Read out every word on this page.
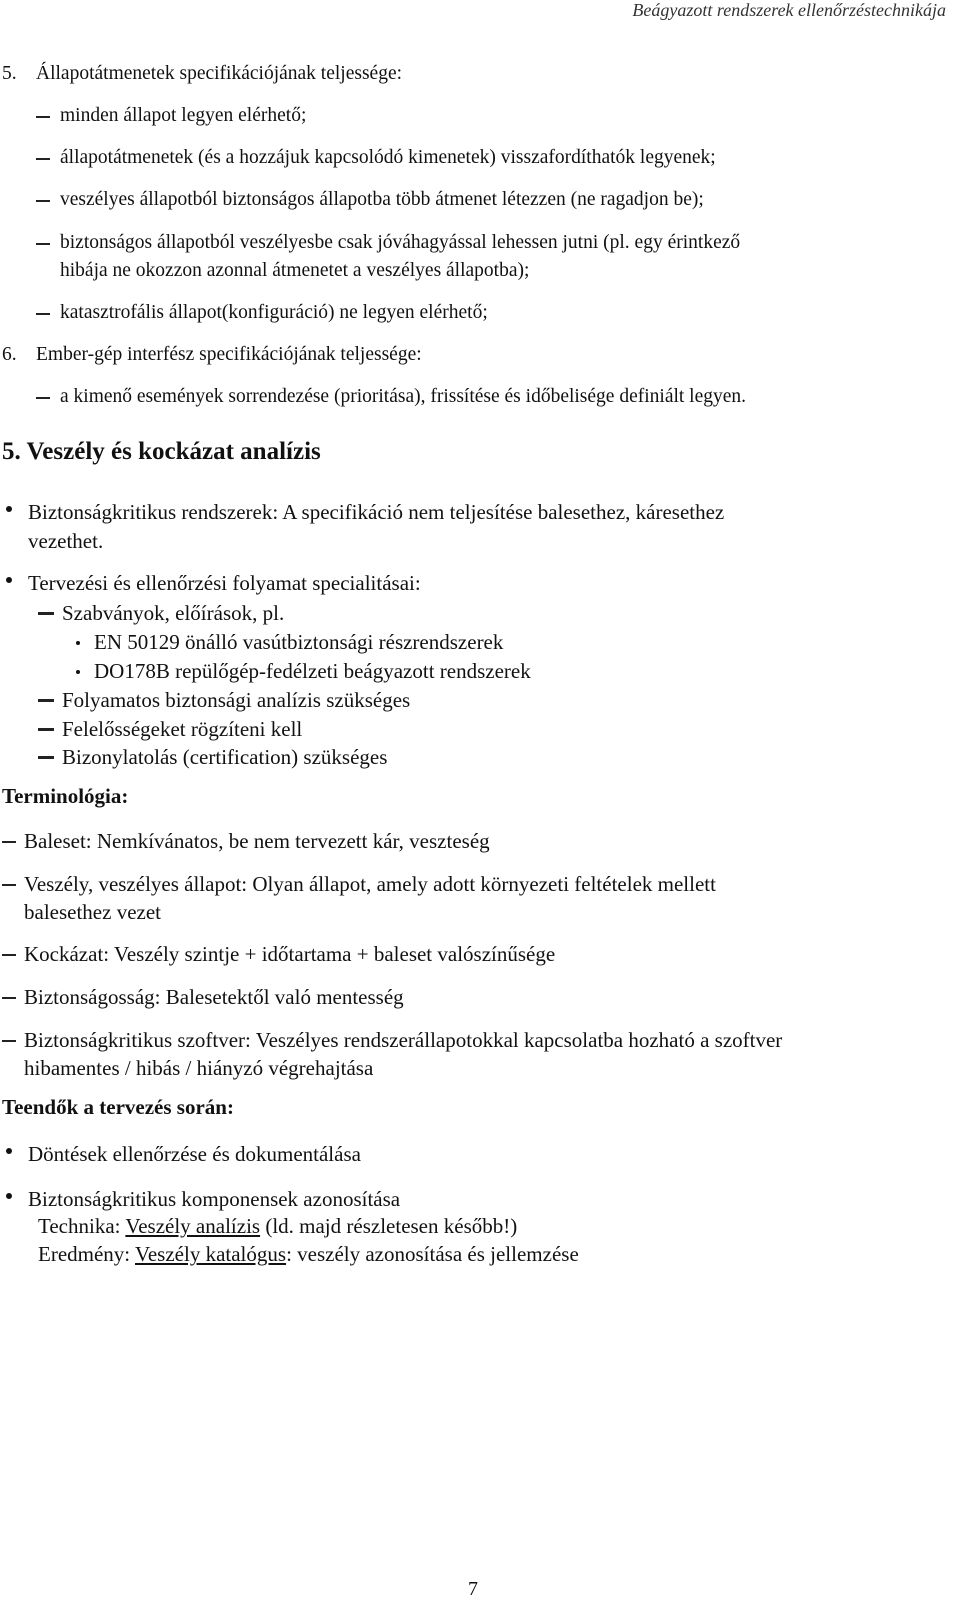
Beágyazott rendszerek ellenőrzéstechnikája
5. Állapotátmenetek specifikációjának teljessége:
minden állapot legyen elérhető;
állapotátmenetek (és a hozzájuk kapcsolódó kimenetek) visszafordíthatók legyenek;
veszélyes állapotból biztonságos állapotba több átmenet létezzen (ne ragadjon be);
biztonságos állapotból veszélyesbe csak jóváhagyással lehessen jutni (pl. egy érintkező
hibája ne okozzon azonnal átmenetet a veszélyes állapotba);
katasztrofális állapot(konfiguráció) ne legyen elérhető;
6. Ember-gép interfész specifikációjának teljessége:
a kimenő események sorrendezése (prioritása), frissítése és időbelisége definiált legyen.
5. Veszély és kockázat analízis
Biztonságkritikus rendszerek: A specifikáció nem teljesítése balesethez, káresethez
vezethet.
Tervezési és ellenőrzési folyamat specialitásai:
Szabványok, előírások, pl.
EN 50129 önálló vasútbiztonsági részrendszerek
DO178B repülőgép-fedélzeti beágyazott rendszerek
Folyamatos biztonsági analízis szükséges
Felelősségeket rögzíteni kell
Bizonylatolás (certification) szükséges
Terminológia:
Baleset: Nemkívánatos, be nem tervezett kár, veszteség
Veszély, veszélyes állapot: Olyan állapot, amely adott környezeti feltételek mellett
balesethez vezet
Kockázat: Veszély szintje + időtartama + baleset valószínűsége
Biztonságosság: Balesetektől való mentesség
Biztonságkritikus szoftver: Veszélyes rendszerállapotokkal kapcsolatba hozható a szoftver
hibamentes / hibás / hiányzó végrehajtása
Teendők a tervezés során:
Döntések ellenőrzése és dokumentálása
Biztonságkritikus komponensek azonosítása
Technika: Veszély analízis (ld. majd részletesen később!)
Eredmény: Veszély katalógus: veszély azonosítása és jellemzése
7
